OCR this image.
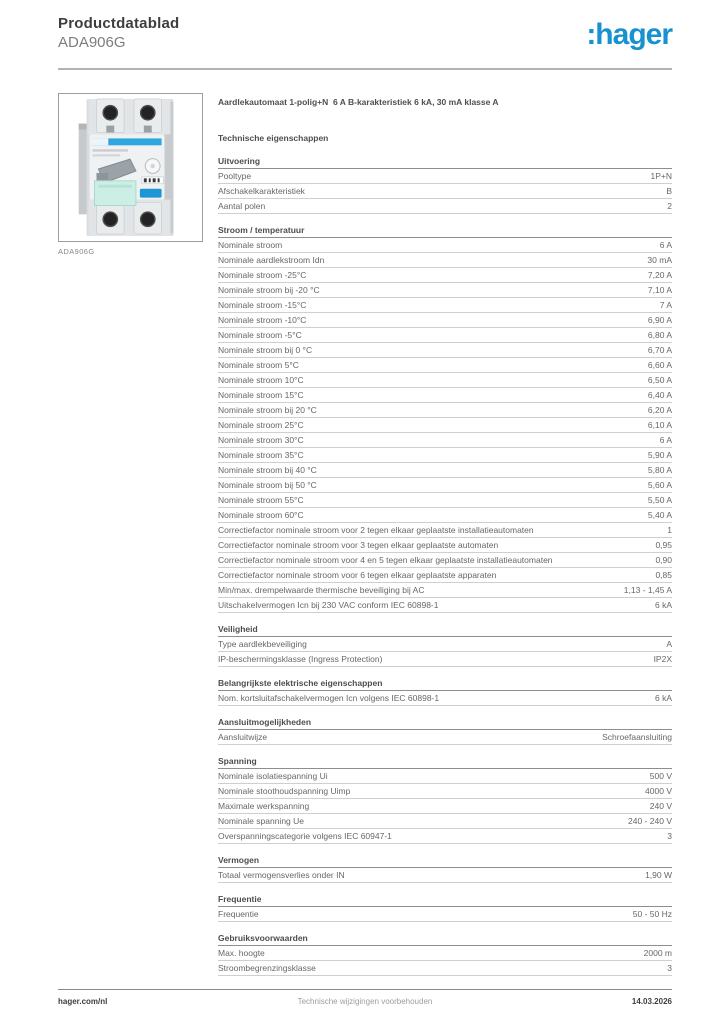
Productdatablad
ADA906G	:hager
ADA906G
Aardlekautomaat 1-polig+N  6 A B-karakteristiek 6 kA, 30 mA klasse A
Technische eigenschappen
Uitvoering
Pooltype	1P+N
Afschakelkarakteristiek	B
Aantal polen	2
Stroom / temperatuur
Nominale stroom	6 A
Nominale aardlekstroom Idn	30 mA
Nominale stroom -25°C	7,20 A
Nominale stroom bij -20 °C	7,10 A
Nominale stroom -15°C	7 A
Nominale stroom -10°C	6,90 A
Nominale stroom -5°C	6,80 A
Nominale stroom bij 0 °C	6,70 A
Nominale stroom 5°C	6,60 A
Nominale stroom 10°C	6,50 A
Nominale stroom 15°C	6,40 A
Nominale stroom bij 20 °C	6,20 A
Nominale stroom 25°C	6,10 A
Nominale stroom 30°C	6 A
Nominale stroom 35°C	5,90 A
Nominale stroom bij 40 °C	5,80 A
Nominale stroom bij 50 °C	5,60 A
Nominale stroom 55°C	5,50 A
Nominale stroom 60°C	5,40 A
Correctiefactor nominale stroom voor 2 tegen elkaar geplaatste installatieautomaten	1
Correctiefactor nominale stroom voor 3 tegen elkaar geplaatste automaten	0,95
Correctiefactor nominale stroom voor 4 en 5 tegen elkaar geplaatste installatieautomaten	0,90
Correctiefactor nominale stroom voor 6 tegen elkaar geplaatste apparaten	0,85
Min/max. drempelwaarde thermische beveiliging bij AC	1,13 - 1,45 A
Uitschakelvermogen Icn bij 230 VAC conform IEC 60898-1	6 kA
Veiligheid
Type aardlekbeveiliging	A
IP-beschermingsklasse (Ingress Protection)	IP2X
Belangrijkste elektrische eigenschappen
Nom. kortsluitafschakelvermogen Icn volgens IEC 60898-1	6 kA
Aansluitmogelijkheden
Aansluitwijze	Schroefaansluiting
Spanning
Nominale isolatiespanning Ui	500 V
Nominale stoothoudspanning Uimp	4000 V
Maximale werkspanning	240 V
Nominale spanning Ue	240 - 240 V
Overspanningscategorie volgens IEC 60947-1	3
Vermogen
Totaal vermogensverlies onder IN	1,90 W
Frequentie
Frequentie	50 - 50 Hz
Gebruiksvoorwaarden
Max. hoogte	2000 m
Stroombegrenzingsklasse	3
hager.com/nl	Technische wijzigingen voorbehouden	14.03.2026
